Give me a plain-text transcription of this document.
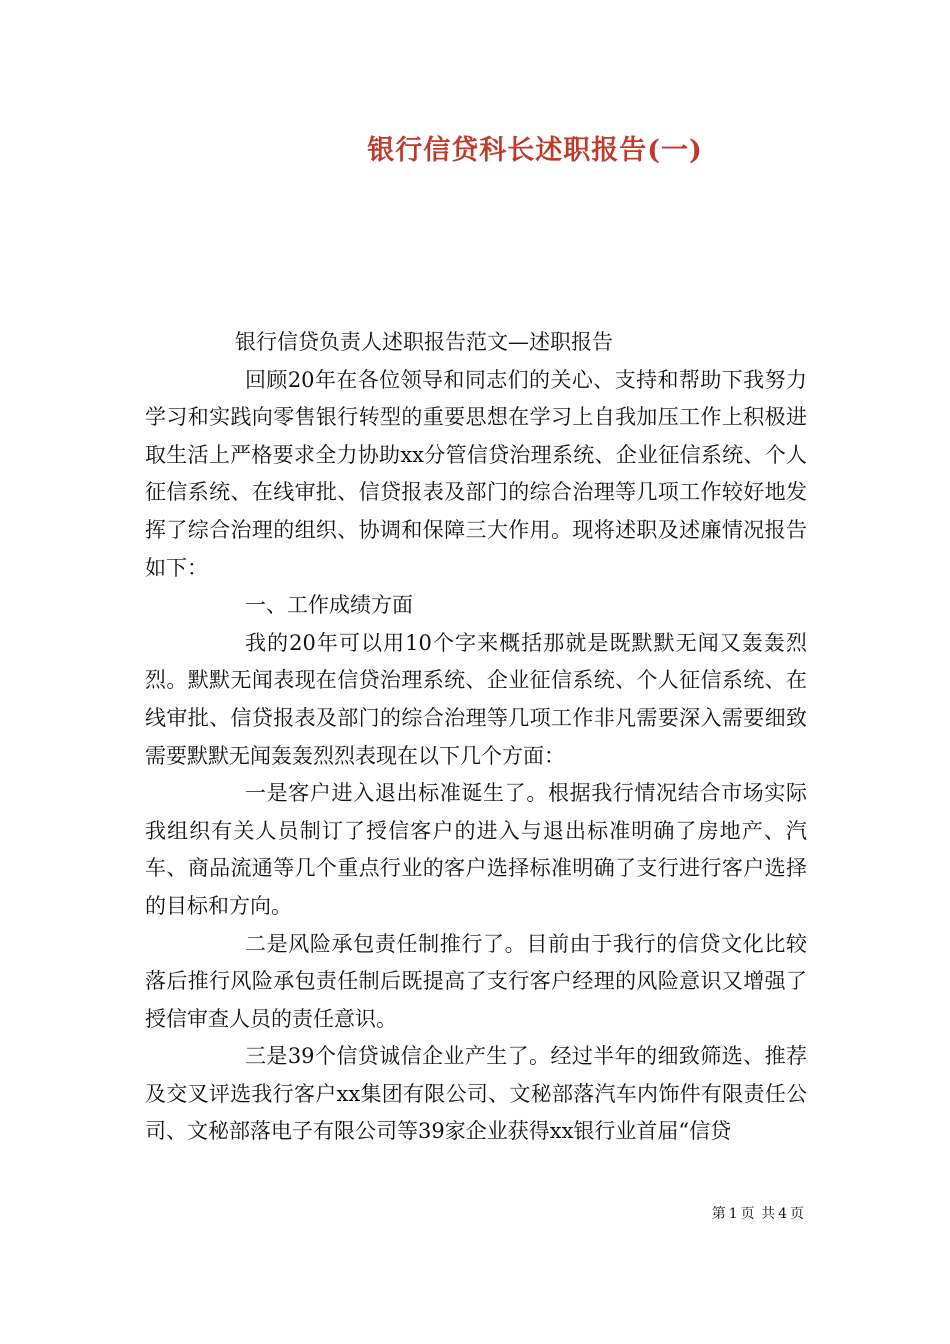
银行信贷科长述职报告(一)

银行信贷负责人述职报告范文—述职报告

回顾20年在各位领导和同志们的关心、支持和帮助下我努力学习和实践向零售银行转型的重要思想在学习上自我加压工作上积极进取生活上严格要求全力协助xx分管信贷治理系统、企业征信系统、个人征信系统、在线审批、信贷报表及部门的综合治理等几项工作较好地发挥了综合治理的组织、协调和保障三大作用。现将述职及述廉情况报告如下：

一、工作成绩方面

我的20年可以用10个字来概括那就是既默默无闻又轰轰烈烈。默默无闻表现在信贷治理系统、企业征信系统、个人征信系统、在线审批、信贷报表及部门的综合治理等几项工作非凡需要深入需要细致需要默默无闻轰轰烈烈表现在以下几个方面：

一是客户进入退出标准诞生了。根据我行情况结合市场实际我组织有关人员制订了授信客户的进入与退出标准明确了房地产、汽车、商品流通等几个重点行业的客户选择标准明确了支行进行客户选择的目标和方向。

二是风险承包责任制推行了。目前由于我行的信贷文化比较落后推行风险承包责任制后既提高了支行客户经理的风险意识又增强了授信审查人员的责任意识。

三是39个信贷诚信企业产生了。经过半年的细致筛选、推荐及交叉评选我行客户xx集团有限公司、文秘部落汽车内饰件有限责任公司、文秘部落电子有限公司等39家企业获得xx银行业首届“信贷

第 1 页 共 4 页
